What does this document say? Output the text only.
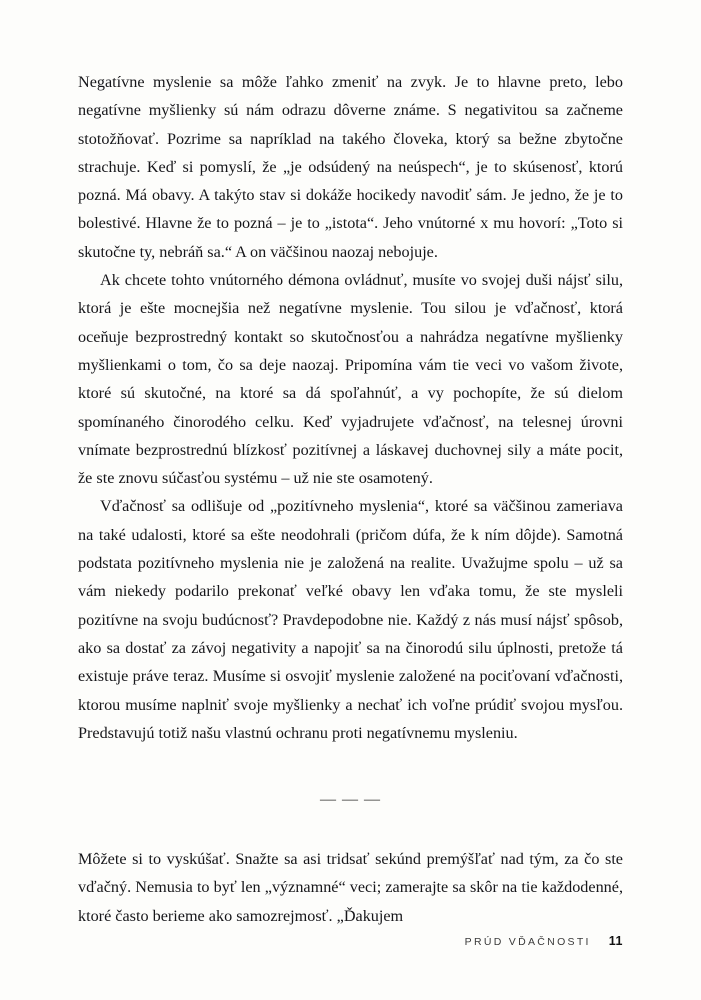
Negatívne myslenie sa môže ľahko zmeniť na zvyk. Je to hlavne preto, lebo negatívne myšlienky sú nám odrazu dôverne známe. S negativitou sa začneme stotožňovať. Pozrime sa napríklad na takého človeka, ktorý sa bežne zbytočne strachuje. Keď si pomyslí, že „je odsúdený na neúspech“, je to skúsenosť, ktorú pozná. Má obavy. A takýto stav si dokáže hocikedy navodiť sám. Je jedno, že je to bolestivé. Hlavne že to pozná – je to „istota“. Jeho vnútorné x mu hovorí: „Toto si skutočne ty, nebráň sa.“ A on väčšinou naozaj nebojuje.

Ak chcete tohto vnútorného démona ovládnuť, musíte vo svojej duši nájsť silu, ktorá je ešte mocnejšia než negatívne myslenie. Tou silou je vďačnosť, ktorá oceňuje bezprostredný kontakt so skutočnosťou a nahrádza negatívne myšlienky myšlienkami o tom, čo sa deje naozaj. Pripomína vám tie veci vo vašom živote, ktoré sú skutočné, na ktoré sa dá spoľahnúť, a vy pochopíte, že sú dielom spomínaného činorodého celku. Keď vyjadrujete vďačnosť, na telesnej úrovni vnímate bezprostrednú blízkosť pozitívnej a láskavej duchovnej sily a máte pocit, že ste znovu súčasťou systému – už nie ste osamotený.

Vďačnosť sa odlišuje od „pozitívneho myslenia“, ktoré sa väčšinou zameriava na také udalosti, ktoré sa ešte neodohrali (pričom dúfa, že k ním dôjde). Samotná podstata pozitívneho myslenia nie je založená na realite. Uvažujme spolu – už sa vám niekedy podarilo prekonať veľké obavy len vďaka tomu, že ste mysleli pozitívne na svoju budúcnosť? Pravdepodobne nie. Každý z nás musí nájsť spôsob, ako sa dostať za závoj negativity a napojiť sa na činorodú silu úplnosti, pretože tá existuje práve teraz. Musíme si osvojiť myslenie založené na pociťovaní vďačnosti, ktorou musíme naplniť svoje myšlienky a nechať ich voľne prúdiť svojou mysľou. Predstavujú totiž našu vlastnú ochranu proti negatívnemu mysleniu.

— — —

Môžete si to vyskúšať. Snažte sa asi tridsať sekúnd premýšľať nad tým, za čo ste vďačný. Nemusia to byť len „významné“ veci; zamerajte sa skôr na tie každodenné, ktoré často berieme ako samozrejmosť. „Ďakujem

PRÚD VĎAČNOSTI 11
